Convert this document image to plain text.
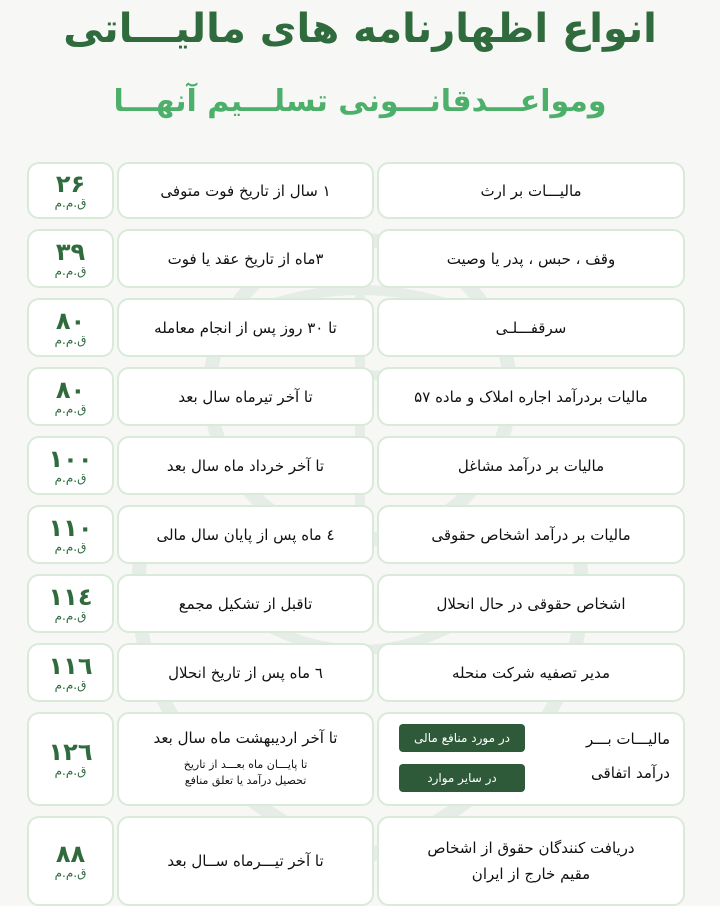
انواع اظهارنامه های مالیـــاتی
ومواعـــدقانـــونی تسلـــیم آنهـــا
مالیـــات بر ارث
۱ سال از تاریخ فوت متوفی
۲۶
ق.م.م
وقف ، حبس ، پدر یا وصیت
۳ماه از تاریخ عقد یا فوت
۳۹
ق.م.م
سرقفـــلـی
تا ۳۰ روز پس از انجام معامله
۸۰
ق.م.م
مالیات بردرآمد اجاره املاک و ماده ۵۷
تا آخر تیرماه سال بعد
۸۰
ق.م.م
مالیات بر درآمد مشاغل
تا آخر خرداد ماه سال بعد
۱۰۰
ق.م.م
مالیات بر درآمد اشخاص حقوقی
٤ ماه پس از پایان سال مالی
۱۱۰
ق.م.م
اشخاص حقوقی در حال انحلال
تاقبل از تشکیل مجمع
۱۱٤
ق.م.م
مدیر تصفیه شرکت منحله
٦ ماه پس از تاریخ انحلال
۱۱٦
ق.م.م
مالیـــات بـــر
درآمد اتفاقی
در مورد منافع مالی
در سایر موارد
تا آخر اردیبهشت ماه سال بعد
تا پایـــان ماه بعـــد از تاریخ
تحصیل درآمد یا تعلق منافع
۱۲٦
ق.م.م
دریافت کنندگان حقوق از اشخاص
مقیم خارج از ایران
تا آخر تیـــرماه ســال بعد
۸۸
ق.م.م
